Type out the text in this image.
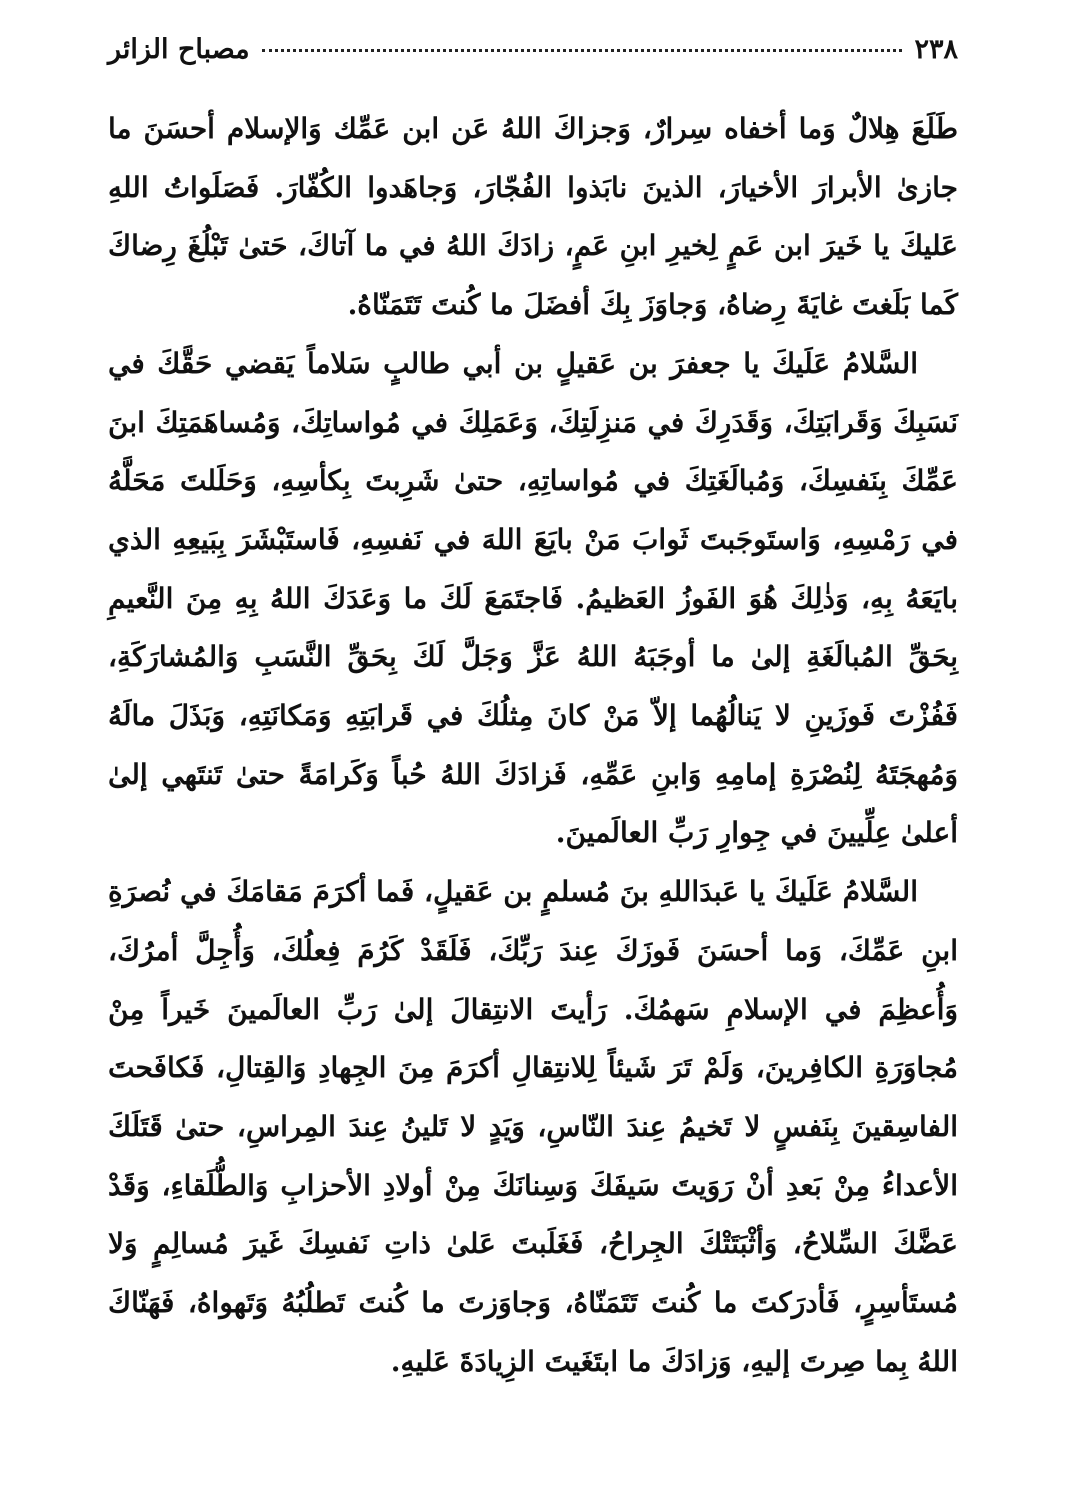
٢٣٨
مصباح الزائر

طَلَعَ هِلالٌ وَما أخفاه سِرارٌ، وَجزاكَ اللهُ عَن ابن عَمِّك وَالإسلام أحسَنَ ما جازىٰ الأبرارَ الأخيارَ، الذينَ نابَذوا الفُجّارَ، وَجاهَدوا الكُفّارَ. فَصَلَواتُ اللهِ عَليكَ يا خَيرَ ابن عَمٍ لِخيرِ ابنِ عَمٍ، زادَكَ اللهُ في ما آتاكَ، حَتىٰ تَبْلُغَ رِضاكَ كَما بَلَغتَ غايَةَ رِضاهُ، وَجاوَزَ بِكَ أفضَلَ ما كُنتَ تَتَمَنّاهُ.

السَّلامُ عَلَيكَ يا جعفرَ بن عَقيلٍ بن أبي طالبٍ سَلاماً يَقضي حَقَّكَ في نَسَبِكَ وَقَرابَتِكَ، وَقَدَرِكَ في مَنزِلَتِكَ، وَعَمَلِكَ في مُواساتِكَ، وَمُساهَمَتِكَ ابنَ عَمِّكَ بِنَفسِكَ، وَمُبالَغَتِكَ في مُواساتِهِ، حتىٰ شَرِبتَ بِكأسِهِ، وَحَلَلتَ مَحَلَّهُ في رَمْسِهِ، وَاستَوجَبتَ ثَوابَ مَنْ بايَعَ اللهَ في نَفسِهِ، فَاستَبْشَرَ بِبَيعِهِ الذي بايَعَهُ بِهِ، وَذٰلِكَ هُوَ الفَوزُ العَظيمُ. فَاجتَمَعَ لَكَ ما وَعَدَكَ اللهُ بِهِ مِنَ النَّعيمِ بِحَقِّ المُبالَغَةِ إلىٰ ما أوجَبَهُ اللهُ عَزَّ وَجَلَّ لَكَ بِحَقِّ النَّسَبِ وَالمُشارَكَةِ، فَفُزْتَ فَوزَينِ لا يَنالُهُما إلاّ مَنْ كانَ مِثلُكَ في قَرابَتِهِ وَمَكانَتِهِ، وَبَذَلَ مالَهُ وَمُهجَتَهُ لِنُصْرَةِ إمامِهِ وَابنِ عَمِّهِ، فَزادَكَ اللهُ حُباً وَكَرامَةً حتىٰ تَنتَهي إلىٰ أعلىٰ عِلِّيينَ في جِوارِ رَبِّ العالَمينَ.

السَّلامُ عَلَيكَ يا عَبدَاللهِ بنَ مُسلمٍ بن عَقيلٍ، فَما أكرَمَ مَقامَكَ في نُصرَةِ ابنِ عَمِّكَ، وَما أحسَنَ فَوزَكَ عِندَ رَبِّكَ، فَلَقَدْ كَرُمَ فِعلُكَ، وَأُجِلَّ أمرُكَ، وَأُعظِمَ في الإسلامِ سَهمُكَ. رَأيتَ الانتِقالَ إلىٰ رَبِّ العالَمينَ خَيراً مِنْ مُجاوَرَةِ الكافِرينَ، وَلَمْ تَرَ شَيئاً لِلانتِقالِ أكرَمَ مِنَ الجِهادِ وَالقِتالِ، فَكافَحتَ الفاسِقينَ بِنَفسٍ لا تَخيمُ عِندَ النّاسِ، وَيَدٍ لا تَلينُ عِندَ المِراسِ، حتىٰ قَتَلَكَ الأعداءُ مِنْ بَعدِ أنْ رَوَيتَ سَيفَكَ وَسِنانَكَ مِنْ أولادِ الأحزابِ وَالطُّلَقاءِ، وَقَدْ عَضَّكَ السِّلاحُ، وَأثْبَتَتْكَ الجِراحُ، فَغَلَبتَ عَلىٰ ذاتِ نَفسِكَ غَيرَ مُسالِمٍ وَلا مُستَأسِرٍ، فَأدرَكتَ ما كُنتَ تَتَمَنّاهُ، وَجاوَزتَ ما كُنتَ تَطلُبُهُ وَتَهواهُ، فَهَنّاكَ اللهُ بِما صِرتَ إليهِ، وَزادَكَ ما ابتَغَيتَ الزِيادَةَ عَليهِ.
